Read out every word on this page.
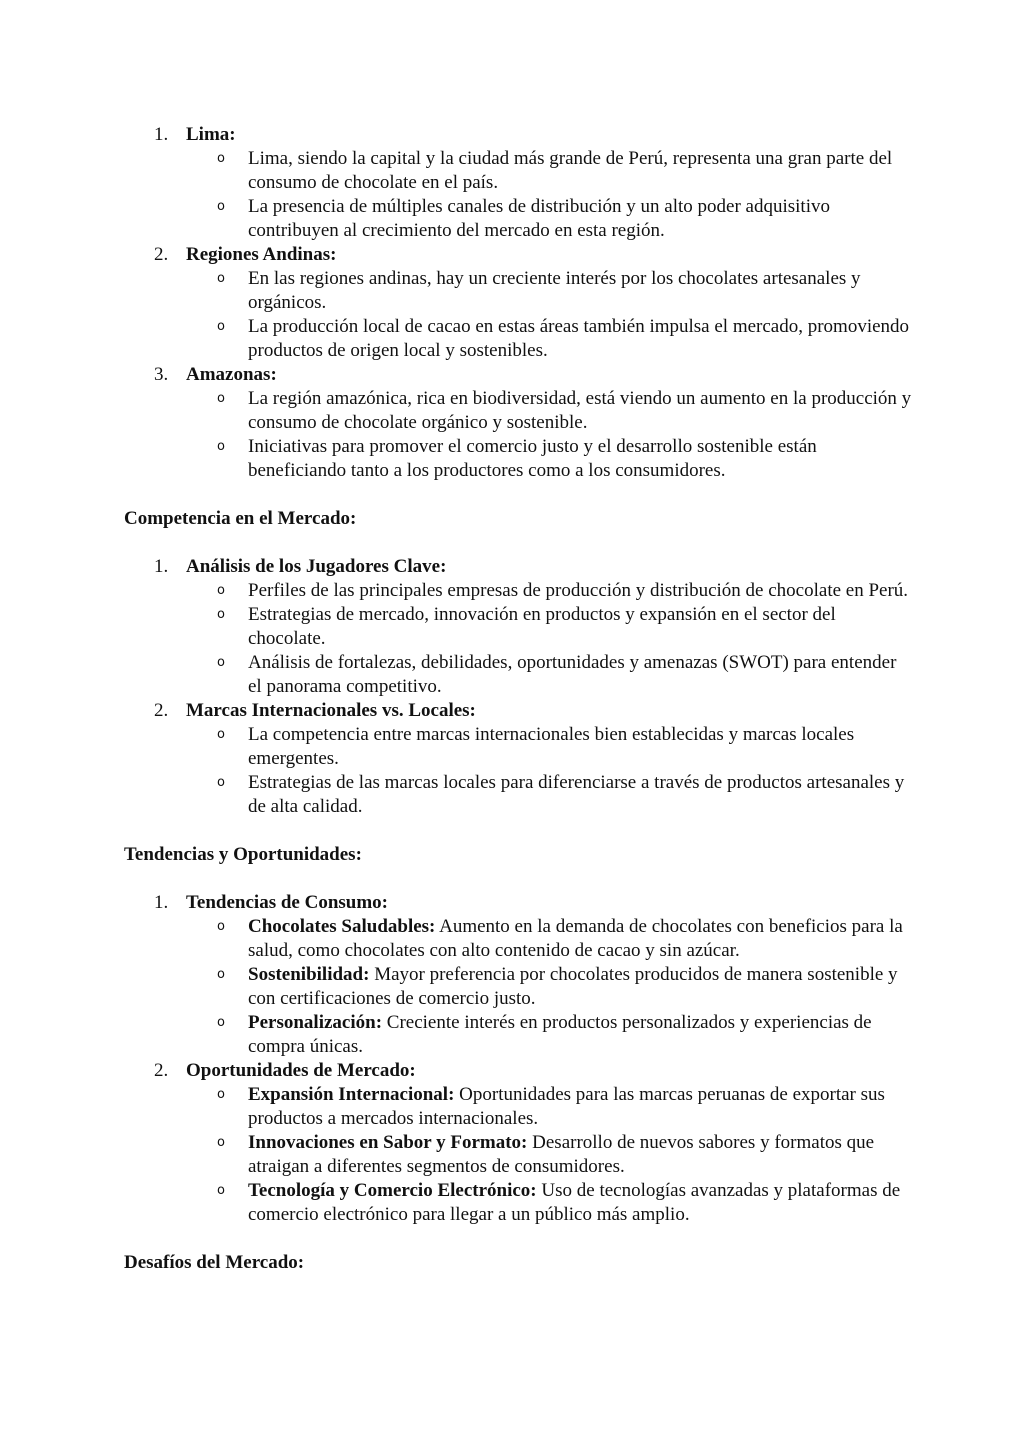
1. Lima:
o Lima, siendo la capital y la ciudad más grande de Perú, representa una gran parte del consumo de chocolate en el país.
o La presencia de múltiples canales de distribución y un alto poder adquisitivo contribuyen al crecimiento del mercado en esta región.
2. Regiones Andinas:
o En las regiones andinas, hay un creciente interés por los chocolates artesanales y orgánicos.
o La producción local de cacao en estas áreas también impulsa el mercado, promoviendo productos de origen local y sostenibles.
3. Amazonas:
o La región amazónica, rica en biodiversidad, está viendo un aumento en la producción y consumo de chocolate orgánico y sostenible.
o Iniciativas para promover el comercio justo y el desarrollo sostenible están beneficiando tanto a los productores como a los consumidores.

Competencia en el Mercado:

1. Análisis de los Jugadores Clave:
o Perfiles de las principales empresas de producción y distribución de chocolate en Perú.
o Estrategias de mercado, innovación en productos y expansión en el sector del chocolate.
o Análisis de fortalezas, debilidades, oportunidades y amenazas (SWOT) para entender el panorama competitivo.
2. Marcas Internacionales vs. Locales:
o La competencia entre marcas internacionales bien establecidas y marcas locales emergentes.
o Estrategias de las marcas locales para diferenciarse a través de productos artesanales y de alta calidad.

Tendencias y Oportunidades:

1. Tendencias de Consumo:
o Chocolates Saludables: Aumento en la demanda de chocolates con beneficios para la salud, como chocolates con alto contenido de cacao y sin azúcar.
o Sostenibilidad: Mayor preferencia por chocolates producidos de manera sostenible y con certificaciones de comercio justo.
o Personalización: Creciente interés en productos personalizados y experiencias de compra únicas.
2. Oportunidades de Mercado:
o Expansión Internacional: Oportunidades para las marcas peruanas de exportar sus productos a mercados internacionales.
o Innovaciones en Sabor y Formato: Desarrollo de nuevos sabores y formatos que atraigan a diferentes segmentos de consumidores.
o Tecnología y Comercio Electrónico: Uso de tecnologías avanzadas y plataformas de comercio electrónico para llegar a un público más amplio.

Desafíos del Mercado:
